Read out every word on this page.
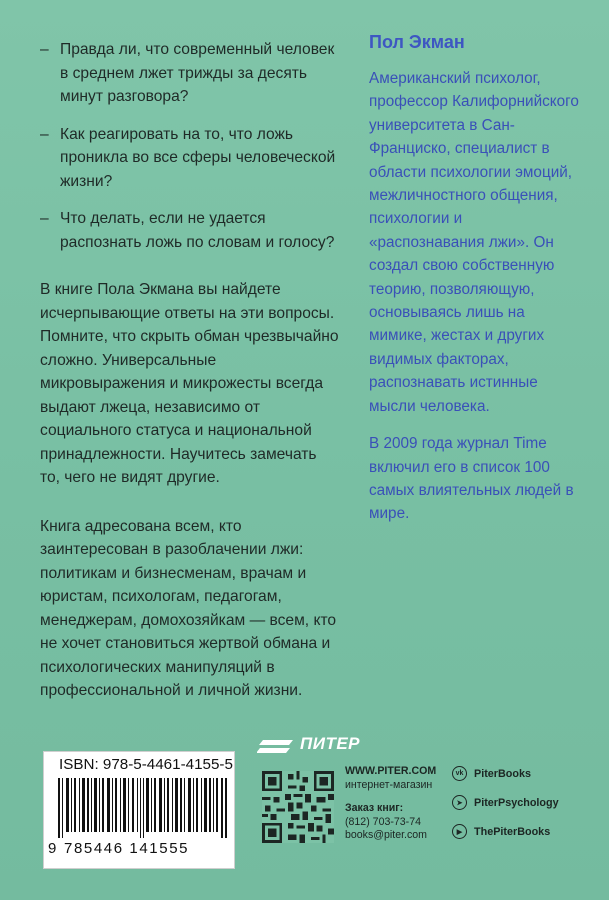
– Правда ли, что современный человек в среднем лжет трижды за десять минут разговора?
– Как реагировать на то, что ложь проникла во все сферы человеческой жизни?
– Что делать, если не удается распознать ложь по словам и голосу?
В книге Пола Экмана вы найдете исчерпывающие ответы на эти вопросы. Помните, что скрыть обман чрезвычайно сложно. Универсальные микровыражения и микрожесты всегда выдают лжеца, независимо от социального статуса и национальной принадлежности. Научитесь замечать то, чего не видят другие.
Книга адресована всем, кто заинтересован в разоблачении лжи: политикам и бизнесменам, врачам и юристам, психологам, педагогам, менеджерам, домохозяйкам — всем, кто не хочет становиться жертвой обмана и психологических манипуляций в профессиональной и личной жизни.
Пол Экман
Американский психолог, профессор Калифорнийского университета в Сан-Франциско, специалист в области психологии эмоций, межличностного общения, психологии и «распознавания лжи». Он создал свою собственную теорию, позволяющую, основываясь лишь на мимике, жестах и других видимых факторах, распознавать истинные мысли человека.
В 2009 года журнал Time включил его в список 100 самых влиятельных людей в мире.
ISBN: 978-5-4461-4155-5
9 785446 141555
ПИТЕР
WWW.PITER.COM
интернет-магазин
Заказ книг:
(812) 703-73-74
books@piter.com
vk PiterBooks
➤	PiterPsychology
▶	ThePiterBooks
